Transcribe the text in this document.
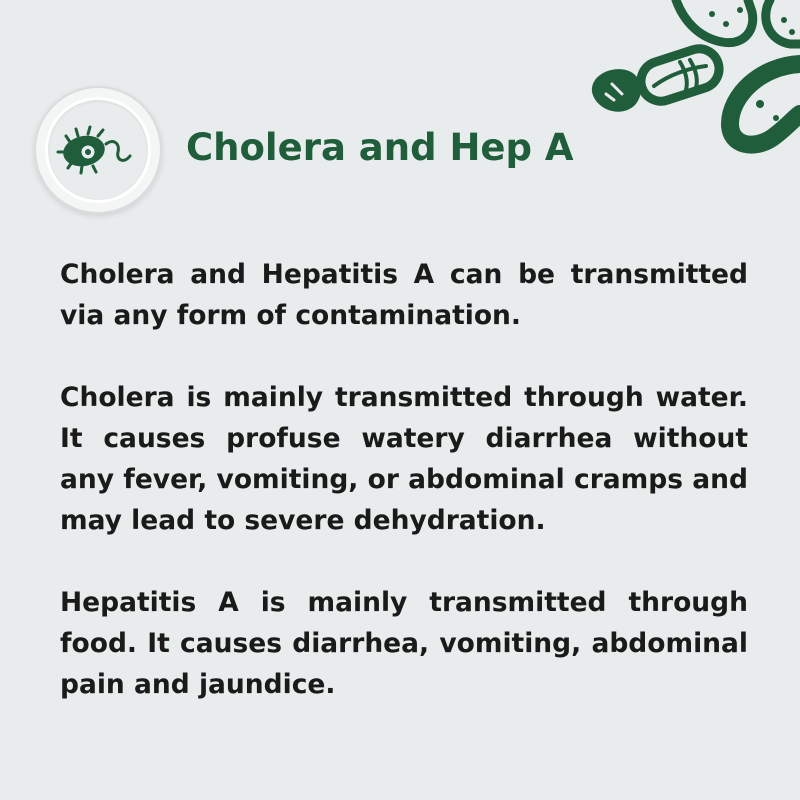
Cholera and Hep A

Cholera and Hepatitis A can be transmitted via any form of contamination.

Cholera is mainly transmitted through water. It causes profuse watery diarrhea without any fever, vomiting, or abdominal cramps and may lead to severe dehydration.

Hepatitis A is mainly transmitted through food. It causes diarrhea, vomiting, abdominal pain and jaundice.
